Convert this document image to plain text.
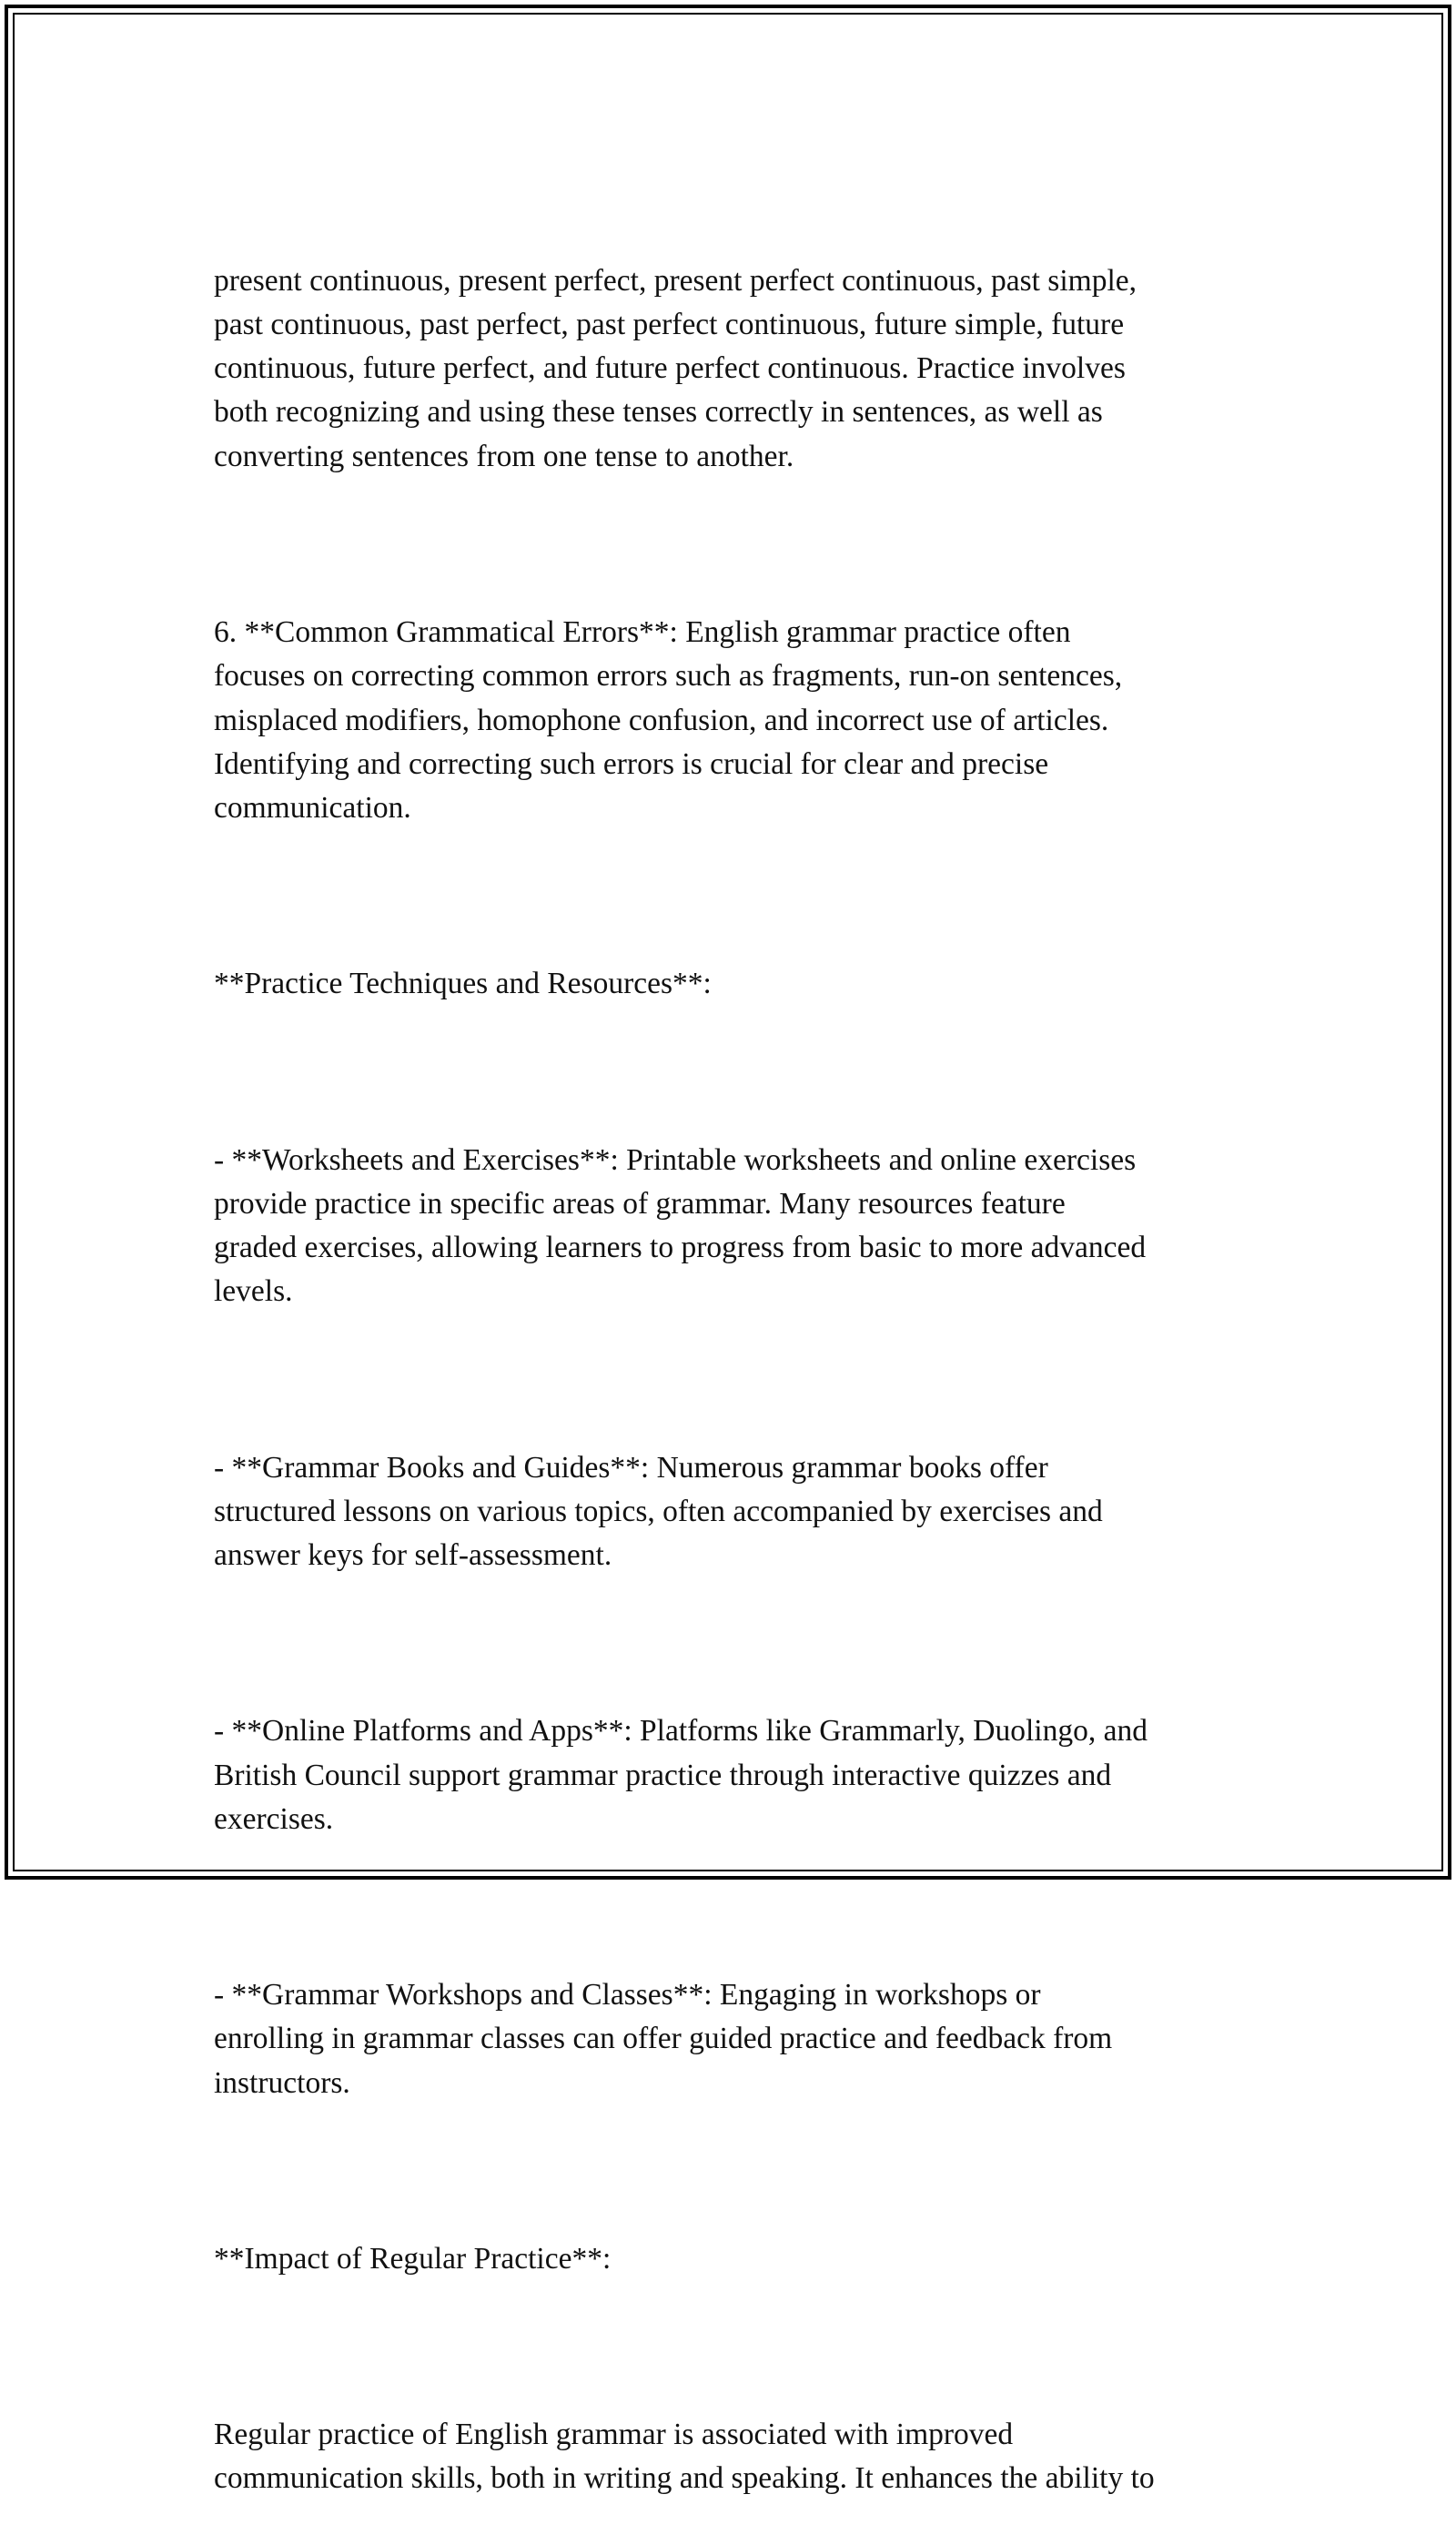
present continuous, present perfect, present perfect continuous, past simple,
past continuous, past perfect, past perfect continuous, future simple, future
continuous, future perfect, and future perfect continuous. Practice involves
both recognizing and using these tenses correctly in sentences, as well as
converting sentences from one tense to another.

6. **Common Grammatical Errors**: English grammar practice often
focuses on correcting common errors such as fragments, run-on sentences,
misplaced modifiers, homophone confusion, and incorrect use of articles.
Identifying and correcting such errors is crucial for clear and precise
communication.

**Practice Techniques and Resources**:

- **Worksheets and Exercises**: Printable worksheets and online exercises
provide practice in specific areas of grammar. Many resources feature
graded exercises, allowing learners to progress from basic to more advanced
levels.

- **Grammar Books and Guides**: Numerous grammar books offer
structured lessons on various topics, often accompanied by exercises and
answer keys for self-assessment.

- **Online Platforms and Apps**: Platforms like Grammarly, Duolingo, and
British Council support grammar practice through interactive quizzes and
exercises.

- **Grammar Workshops and Classes**: Engaging in workshops or
enrolling in grammar classes can offer guided practice and feedback from
instructors.

**Impact of Regular Practice**:

Regular practice of English grammar is associated with improved
communication skills, both in writing and speaking. It enhances the ability to
